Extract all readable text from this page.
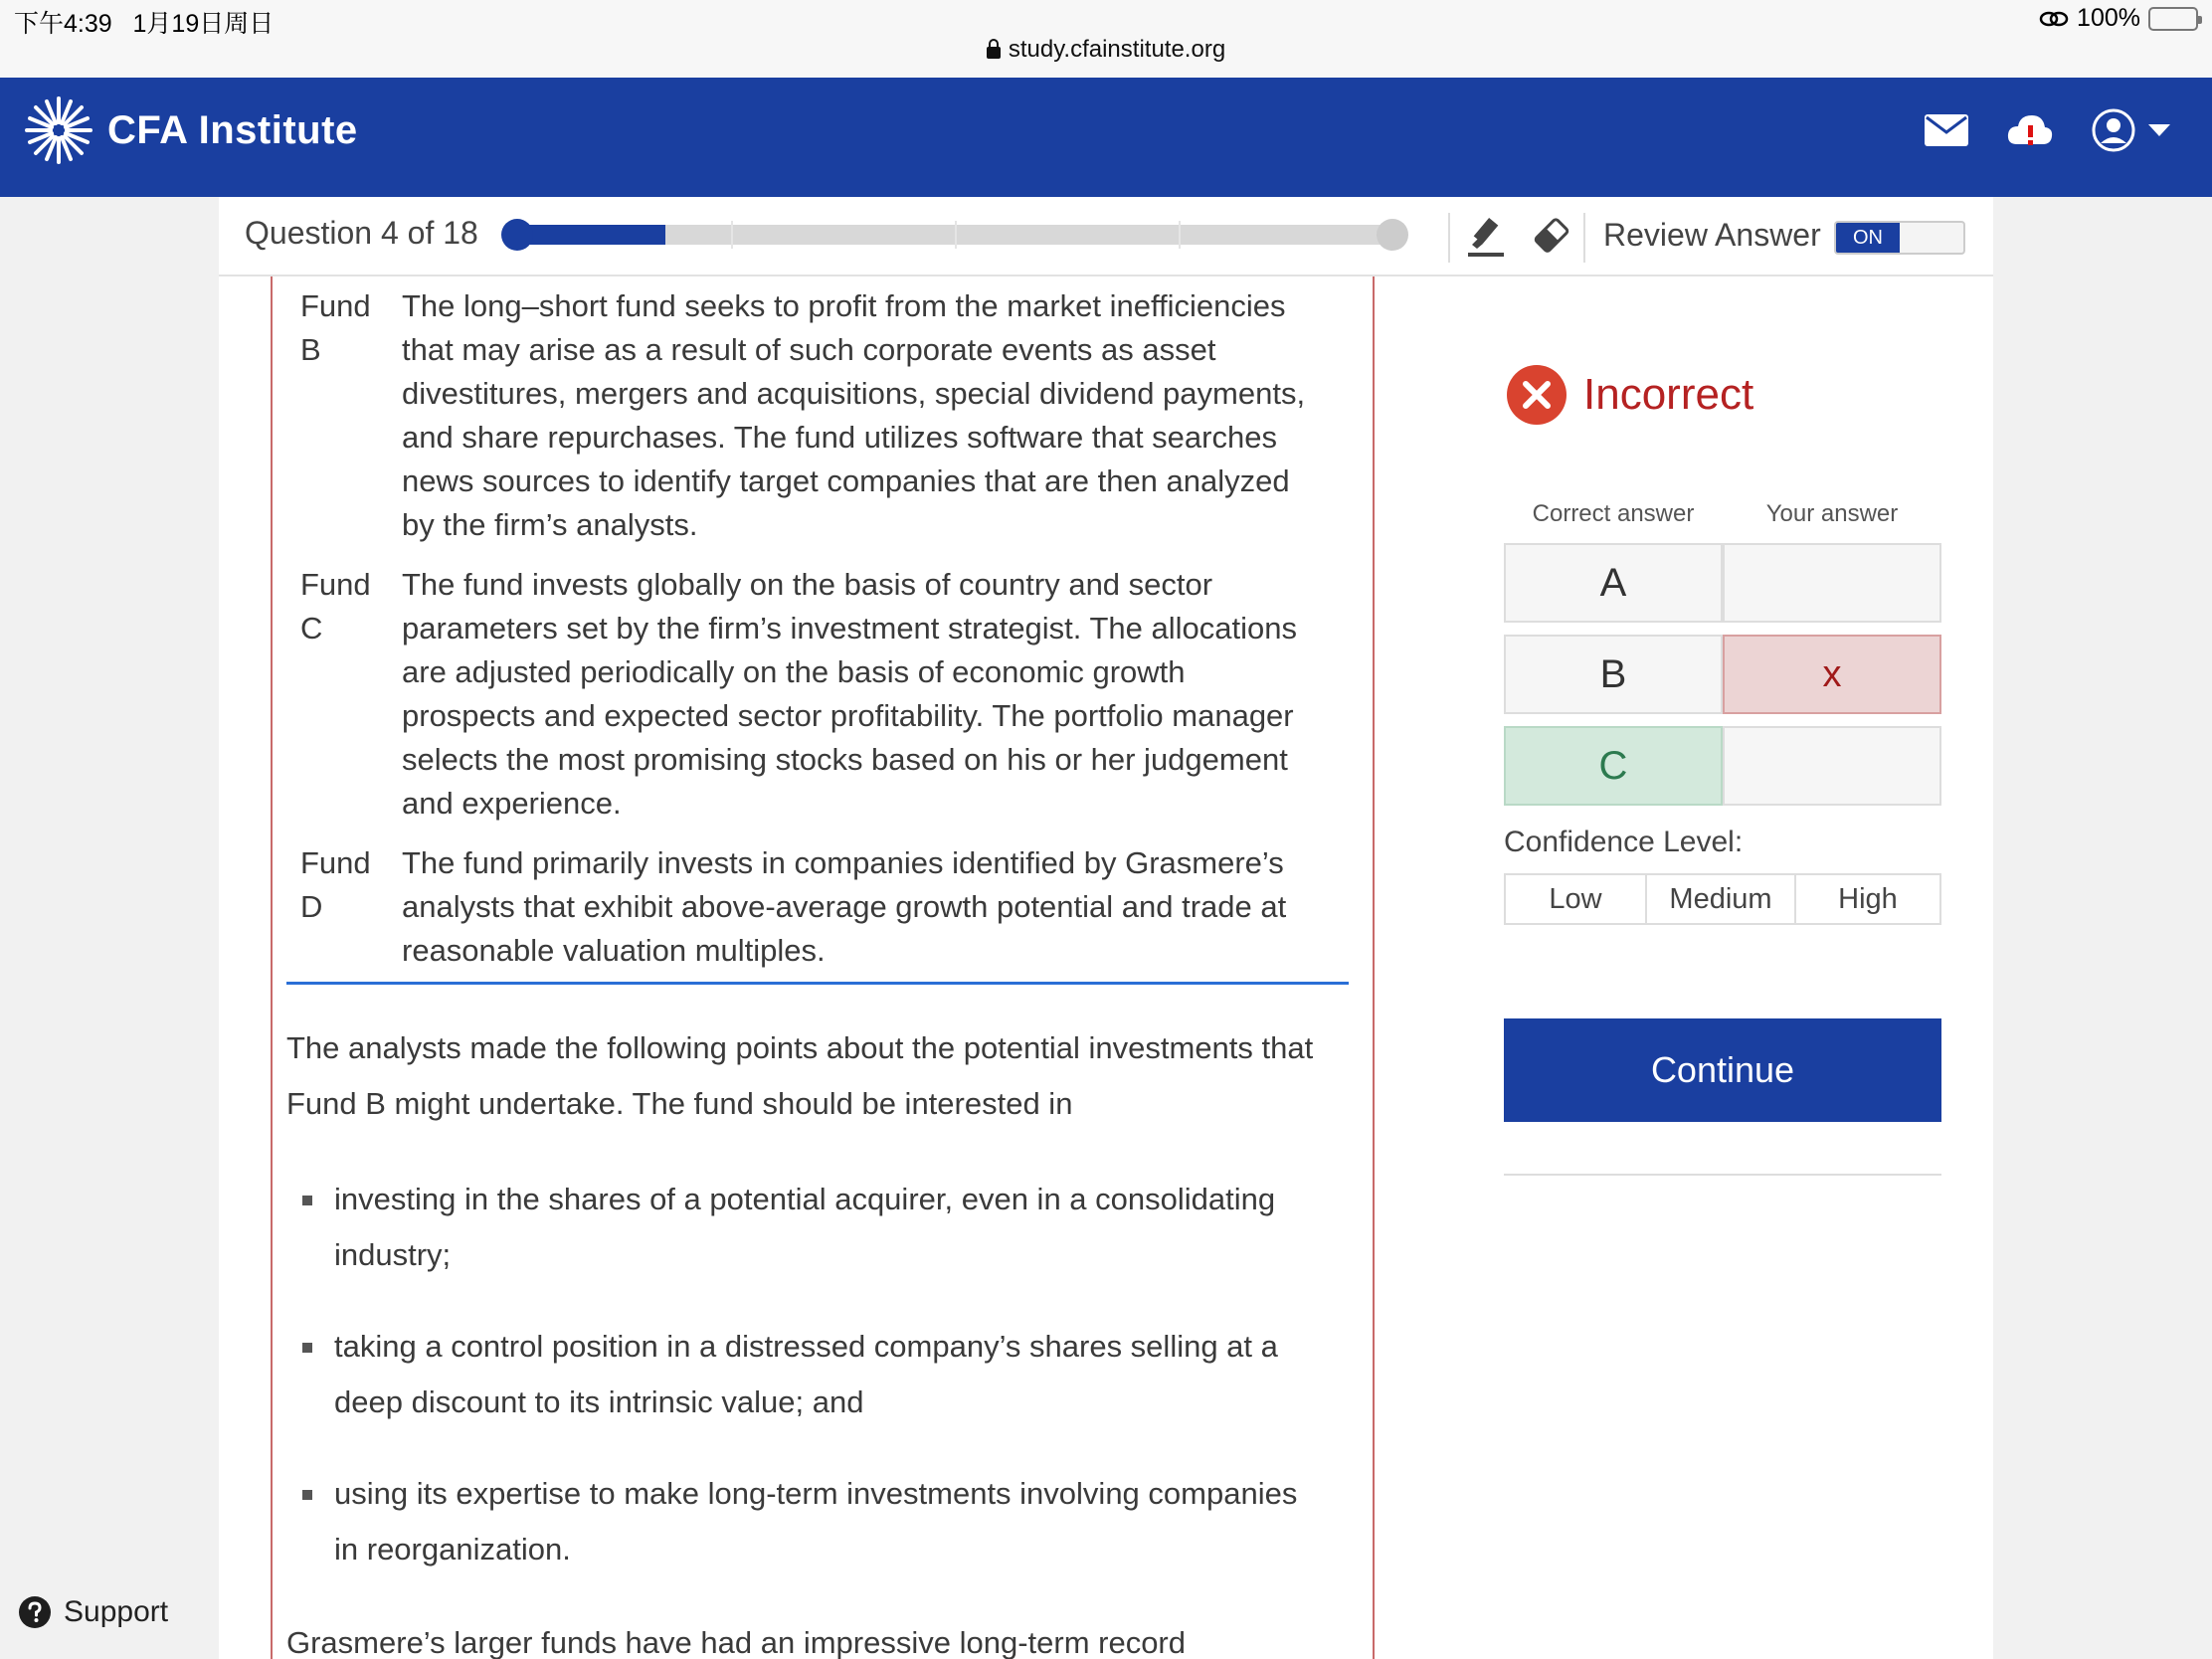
下午4:39 1月19日周日	100%
study.cfainstitute.org
CFA Institute
Question 4 of 18	Review Answer	ON
Fund B
The long–short fund seeks to profit from the market inefficiencies
that may arise as a result of such corporate events as asset
divestitures, mergers and acquisitions, special dividend payments,
and share repurchases. The fund utilizes software that searches
news sources to identify target companies that are then analyzed
by the firm’s analysts.
Fund C
The fund invests globally on the basis of country and sector
parameters set by the firm’s investment strategist. The allocations
are adjusted periodically on the basis of economic growth
prospects and expected sector profitability. The portfolio manager
selects the most promising stocks based on his or her judgement
and experience.
Fund D
The fund primarily invests in companies identified by Grasmere’s
analysts that exhibit above-average growth potential and trade at
reasonable valuation multiples.
The analysts made the following points about the potential investments that
Fund B might undertake. The fund should be interested in
investing in the shares of a potential acquirer, even in a consolidating
industry;
taking a control position in a distressed company’s shares selling at a
deep discount to its intrinsic value; and
using its expertise to make long-term investments involving companies
in reorganization.
Grasmere’s larger funds have had an impressive long-term record
Incorrect
Correct answer	Your answer
A
B	x
C
Confidence Level:
Low	Medium	High
Continue
Support
